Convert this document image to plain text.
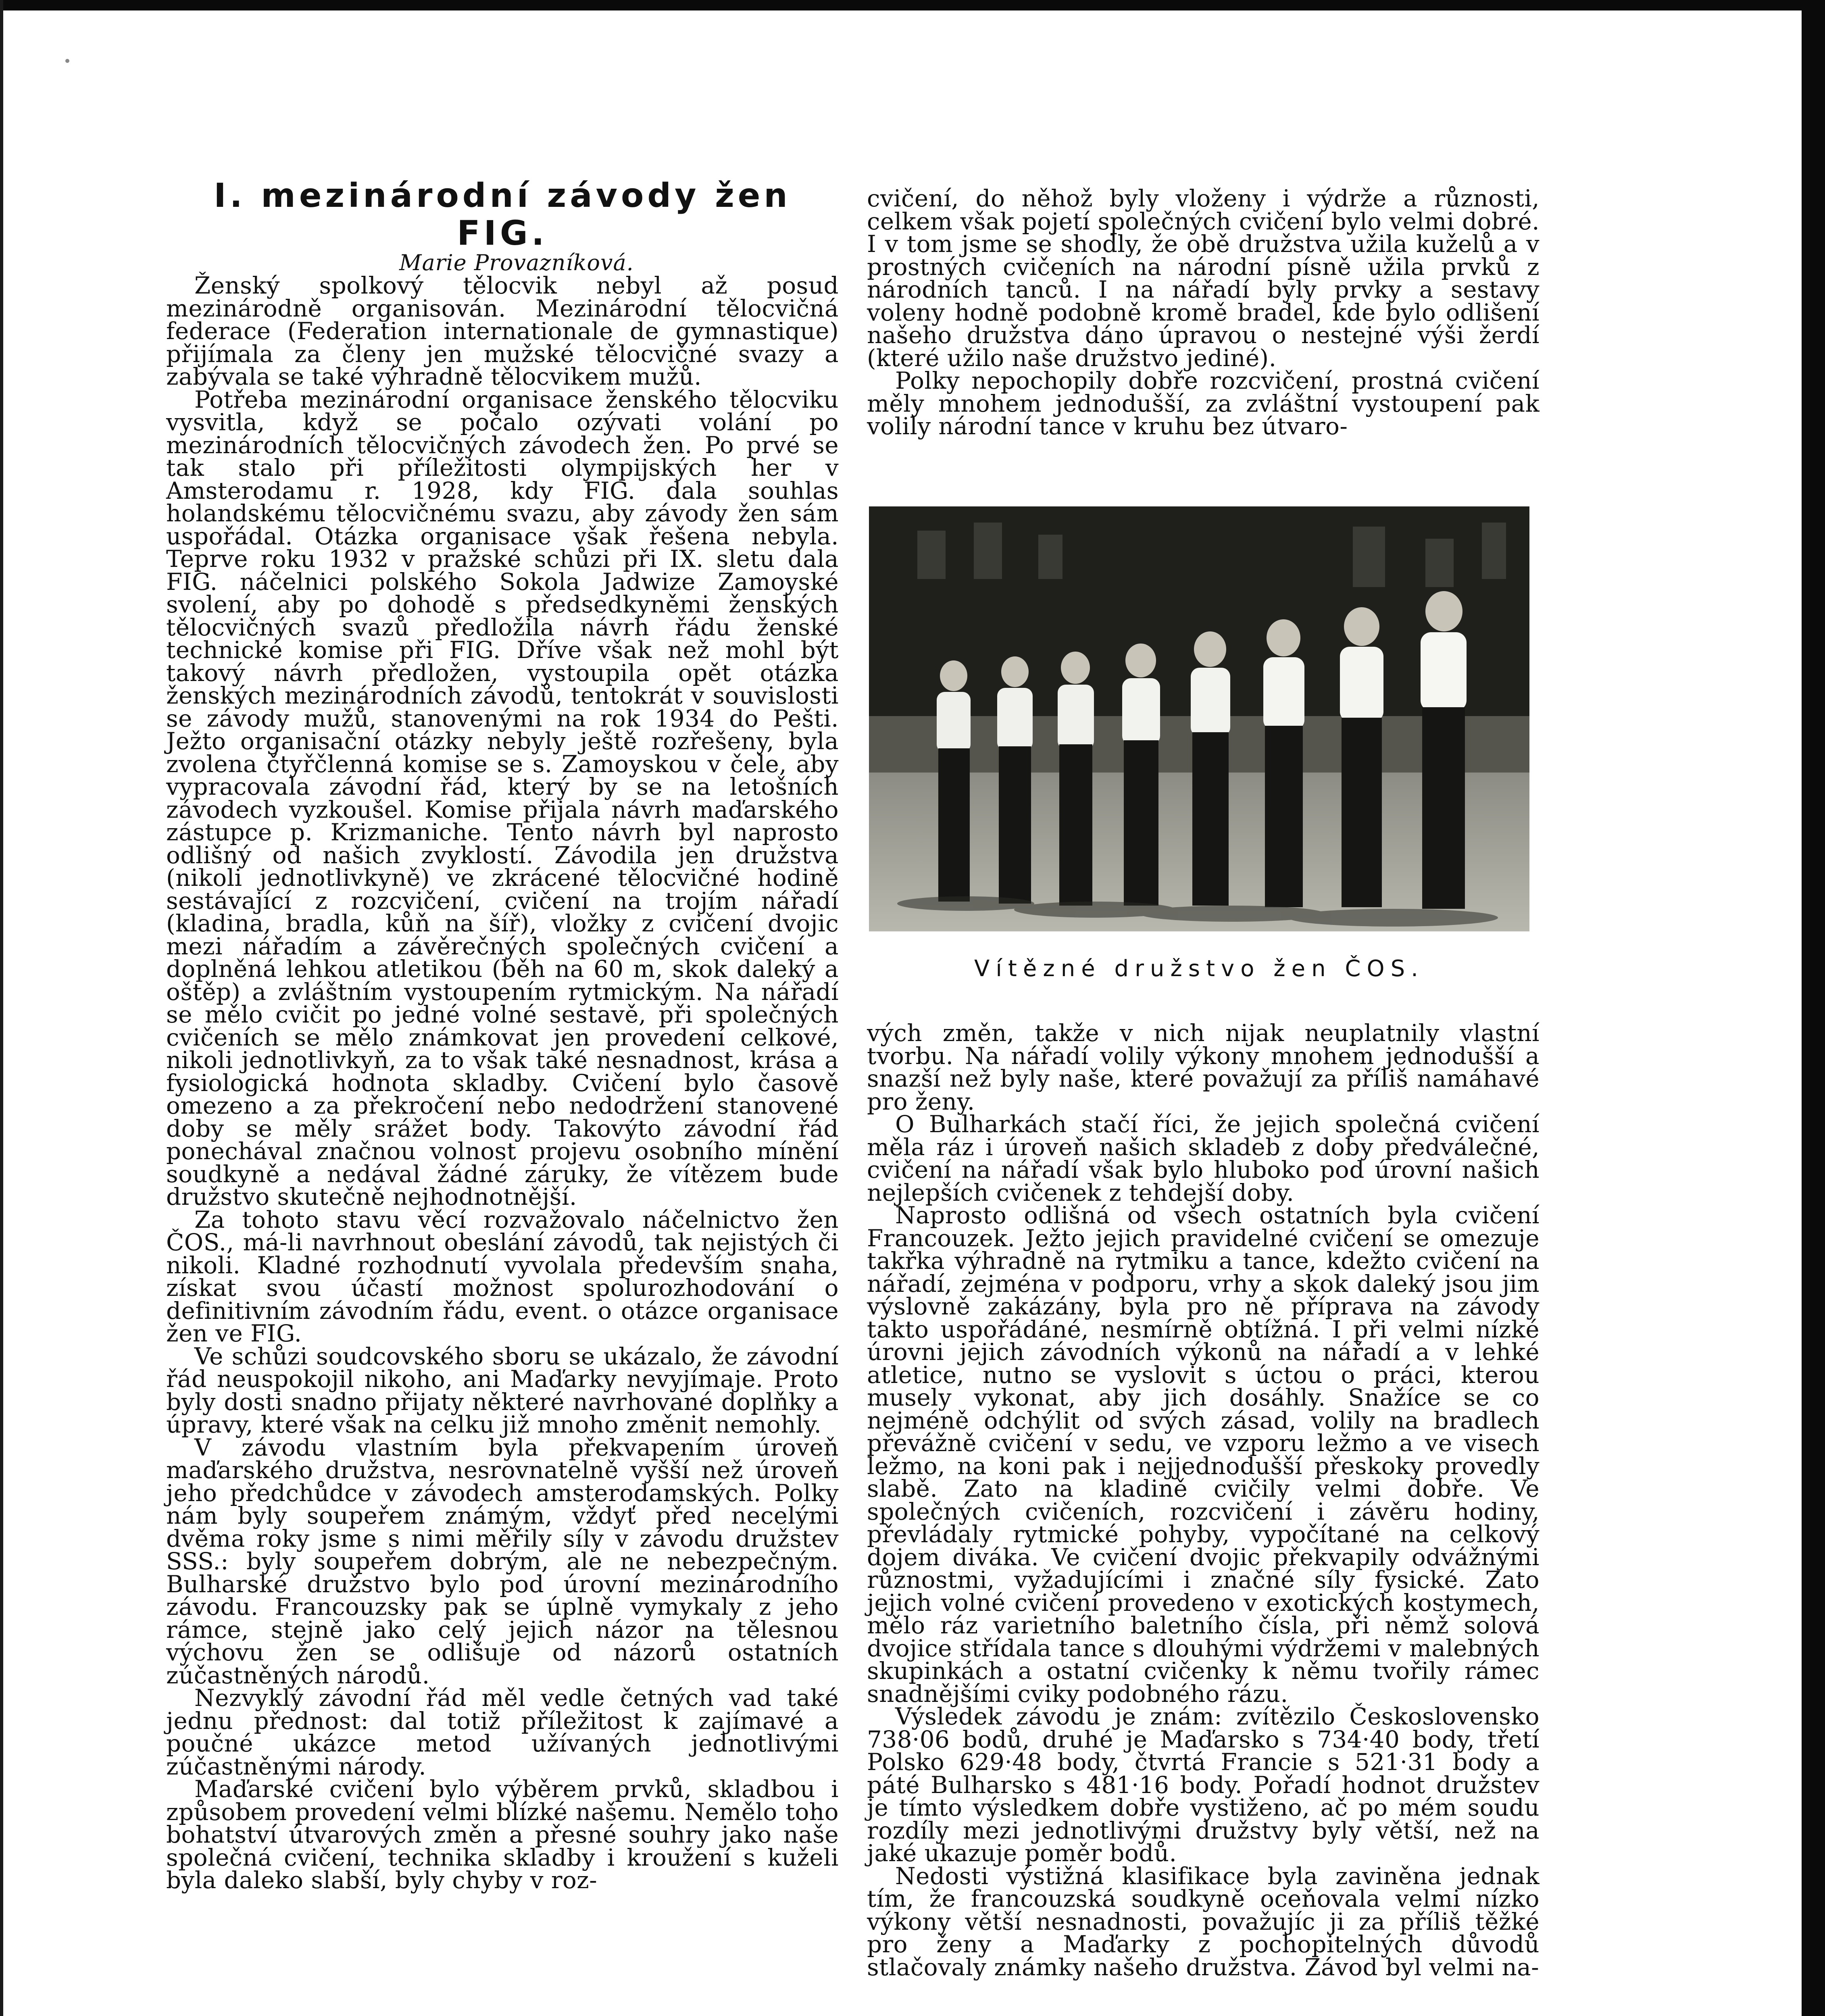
I. mezinárodní závody žen
FIG.

Marie Provazníková.

Ženský spolkový tělocvik nebyl až posud mezinárodně organisován. Mezinárodní tělocvičná federace (Federation internationale de gymnastique) přijímala za členy jen mužské tělocvičné svazy a zabývala se také výhradně tělocvikem mužů.

Potřeba mezinárodní organisace ženského tělocviku vysvitla, když se počalo ozývati volání po mezinárodních tělocvičných závodech žen. Po prvé se tak stalo při příležitosti olympijských her v Amsterodamu r. 1928, kdy FIG. dala souhlas holandskému tělocvičnému svazu, aby závody žen sám uspořádal. Otázka organisace však řešena nebyla. Teprve roku 1932 v pražské schůzi při IX. sletu dala FIG. náčelnici polského Sokola Jadwize Zamoyské svolení, aby po dohodě s předsedkyněmi ženských tělocvičných svazů předložila návrh řádu ženské technické komise při FIG. Dříve však než mohl být takový návrh předložen, vystoupila opět otázka ženských mezinárodních závodů, tentokrát v souvislosti se závody mužů, stanovenými na rok 1934 do Pešti. Ježto organisační otázky nebyly ještě rozřešeny, byla zvolena čtyřčlenná komise se s. Zamoyskou v čele, aby vypracovala závodní řád, který by se na letošních závodech vyzkoušel. Komise přijala návrh maďarského zástupce p. Krizmaniche. Tento návrh byl naprosto odlišný od našich zvyklostí. Závodila jen družstva (nikoli jednotlivkyně) ve zkrácené tělocvičné hodině sestávající z rozcvičení, cvičení na trojím nářadí (kladina, bradla, kůň na šíř), vložky z cvičení dvojic mezi nářadím a závěrečných společných cvičení a doplněná lehkou atletikou (běh na 60 m, skok daleký a oštěp) a zvláštním vystoupením rytmickým. Na nářadí se mělo cvičit po jedné volné sestavě, při společných cvičeních se mělo známkovat jen provedení celkové, nikoli jednotlivkyň, za to však také nesnadnost, krása a fysiologická hodnota skladby. Cvičení bylo časově omezeno a za překročení nebo nedodržení stanovené doby se měly srážet body. Takovýto závodní řád ponechával značnou volnost projevu osobního mínění soudkyně a nedával žádné záruky, že vítězem bude družstvo skutečně nejhodnotnější.

Za tohoto stavu věcí rozvažovalo náčelnictvo žen ČOS., má-li navrhnout obeslání závodů, tak nejistých či nikoli. Kladné rozhodnutí vyvolala především snaha, získat svou účastí možnost spolurozhodování o definitivním závodním řádu, event. o otázce organisace žen ve FIG.

Ve schůzi soudcovského sboru se ukázalo, že závodní řád neuspokojil nikoho, ani Maďarky nevyjímaje. Proto byly dosti snadno přijaty některé navrhované doplňky a úpravy, které však na celku již mnoho změnit nemohly.

V závodu vlastním byla překvapením úroveň maďarského družstva, nesrovnatelně vyšší než úroveň jeho předchůdce v závodech amsterodamských. Polky nám byly soupeřem známým, vždyť před necelými dvěma roky jsme s nimi měřily síly v závodu družstev SSS.: byly soupeřem dobrým, ale ne nebezpečným. Bulharské družstvo bylo pod úrovní mezinárodního závodu. Francouzsky pak se úplně vymykaly z jeho rámce, stejně jako celý jejich názor na tělesnou výchovu žen se odlišuje od názorů ostatních zúčastněných národů.

Nezvyklý závodní řád měl vedle četných vad také jednu přednost: dal totiž příležitost k zajímavé a poučné ukázce metod užívaných jednotlivými zúčastněnými národy.

Maďarské cvičení bylo výběrem prvků, skladbou i způsobem provedení velmi blízké našemu. Nemělo toho bohatství útvarových změn a přesné souhry jako naše společná cvičení, technika skladby i kroužení s kuželi byla daleko slabší, byly chyby v roz-

cvičení, do něhož byly vloženy i výdrže a různosti, celkem však pojetí společných cvičení bylo velmi dobré. I v tom jsme se shodly, že obě družstva užila kuželů a v prostných cvičeních na národní písně užila prvků z národních tanců. I na nářadí byly prvky a sestavy voleny hodně podobně kromě bradel, kde bylo odlišení našeho družstva dáno úpravou o nestejné výši žerdí (které užilo naše družstvo jediné).

Polky nepochopily dobře rozcvičení, prostná cvičení měly mnohem jednodušší, za zvláštní vystoupení pak volily národní tance v kruhu bez útvaro-

Vítězné družstvo žen ČOS.

vých změn, takže v nich nijak neuplatnily vlastní tvorbu. Na nářadí volily výkony mnohem jednodušší a snazší než byly naše, které považují za příliš namáhavé pro ženy.

O Bulharkách stačí říci, že jejich společná cvičení měla ráz i úroveň našich skladeb z doby předválečné, cvičení na nářadí však bylo hluboko pod úrovní našich nejlepších cvičenek z tehdejší doby.

Naprosto odlišná od všech ostatních byla cvičení Francouzek. Ježto jejich pravidelné cvičení se omezuje takřka výhradně na rytmiku a tance, kdežto cvičení na nářadí, zejména v podporu, vrhy a skok daleký jsou jim výslovně zakázány, byla pro ně příprava na závody takto uspořádáné, nesmírně obtížná. I při velmi nízké úrovni jejich závodních výkonů na nářadí a v lehké atletice, nutno se vyslovit s úctou o práci, kterou musely vykonat, aby jich dosáhly. Snažíce se co nejméně odchýlit od svých zásad, volily na bradlech převážně cvičení v sedu, ve vzporu ležmo a ve visech ležmo, na koni pak i nejjednodušší přeskoky provedly slabě. Zato na kladině cvičily velmi dobře. Ve společných cvičeních, rozcvičení i závěru hodiny, převládaly rytmické pohyby, vypočítané na celkový dojem diváka. Ve cvičení dvojic překvapily odvážnými různostmi, vyžadujícími i značné síly fysické. Zato jejich volné cvičení provedeno v exotických kostymech, mělo ráz varietního baletního čísla, při němž solová dvojice střídala tance s dlouhými výdržemi v malebných skupinkách a ostatní cvičenky k němu tvořily rámec snadnějšími cviky podobného rázu.

Výsledek závodu je znám: zvítězilo Československo 738·06 bodů, druhé je Maďarsko s 734·40 body, třetí Polsko 629·48 body, čtvrtá Francie s 521·31 body a páté Bulharsko s 481·16 body. Pořadí hodnot družstev je tímto výsledkem dobře vystiženo, ač po mém soudu rozdíly mezi jednotlivými družstvy byly větší, než na jaké ukazuje poměr bodů.

Nedosti výstižná klasifikace byla zaviněna jednak tím, že francouzská soudkyně oceňovala velmi nízko výkony větší nesnadnosti, považujíc ji za příliš těžké pro ženy a Maďarky z pochopitelných důvodů stlačovaly známky našeho družstva. Závod byl velmi na-
